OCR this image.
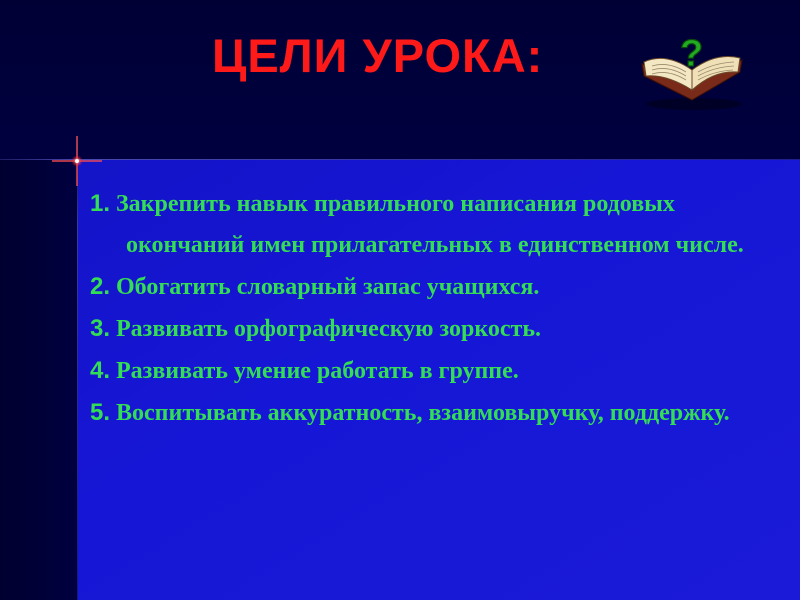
ЦЕЛИ УРОКА:	?
1. Закрепить навык правильного написания родовых окончаний имен прилагательных в единственном числе.
2. Обогатить словарный запас учащихся.
3. Развивать орфографическую зоркость.
4. Развивать умение работать в группе.
5. Воспитывать аккуратность, взаимовыручку, поддержку.
